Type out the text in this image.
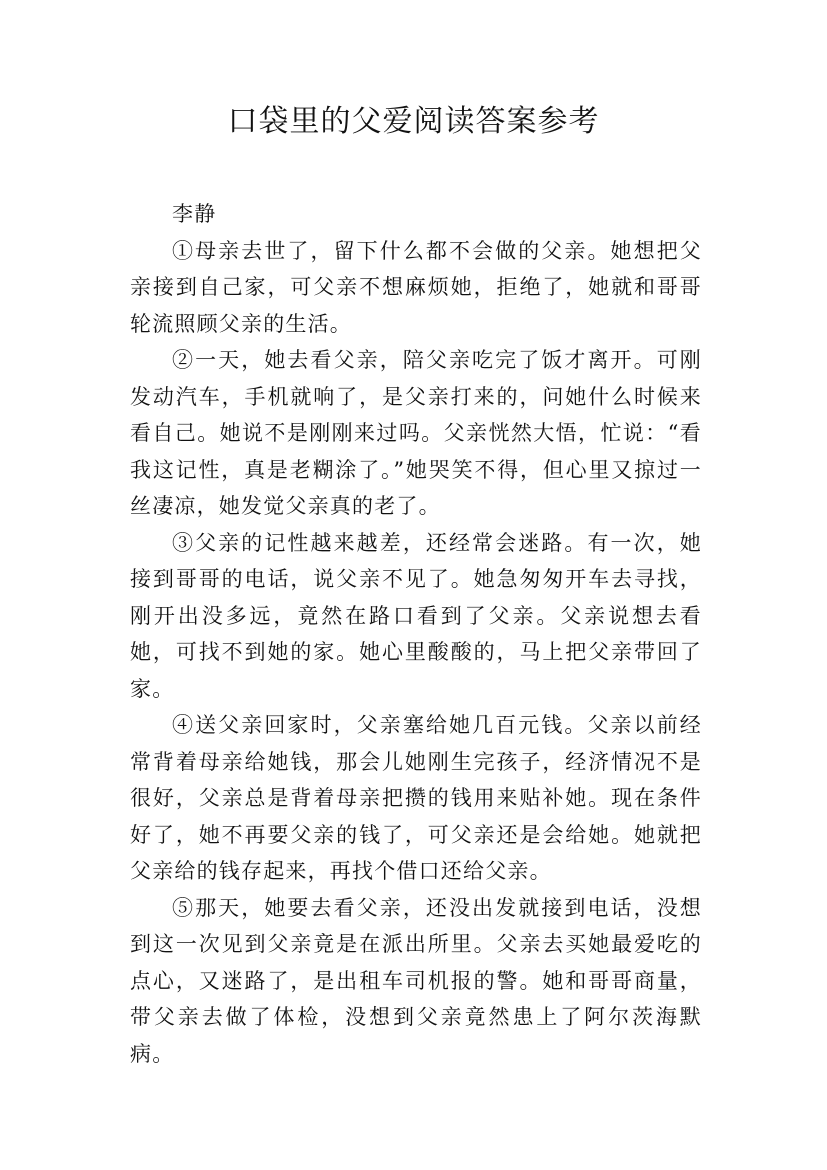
口袋里的父爱阅读答案参考

李静

①母亲去世了，留下什么都不会做的父亲。她想把父亲接到自己家，可父亲不想麻烦她，拒绝了，她就和哥哥轮流照顾父亲的生活。

②一天，她去看父亲，陪父亲吃完了饭才离开。可刚发动汽车，手机就响了，是父亲打来的，问她什么时候来看自己。她说不是刚刚来过吗。父亲恍然大悟，忙说：“看我这记性，真是老糊涂了。”她哭笑不得，但心里又掠过一丝凄凉，她发觉父亲真的老了。

③父亲的记性越来越差，还经常会迷路。有一次，她接到哥哥的电话，说父亲不见了。她急匆匆开车去寻找，刚开出没多远，竟然在路口看到了父亲。父亲说想去看她，可找不到她的家。她心里酸酸的，马上把父亲带回了家。

④送父亲回家时，父亲塞给她几百元钱。父亲以前经常背着母亲给她钱，那会儿她刚生完孩子，经济情况不是很好，父亲总是背着母亲把攒的钱用来贴补她。现在条件好了，她不再要父亲的钱了，可父亲还是会给她。她就把父亲给的钱存起来，再找个借口还给父亲。

⑤那天，她要去看父亲，还没出发就接到电话，没想到这一次见到父亲竟是在派出所里。父亲去买她最爱吃的点心，又迷路了，是出租车司机报的警。她和哥哥商量，带父亲去做了体检，没想到父亲竟然患上了阿尔茨海默病。
